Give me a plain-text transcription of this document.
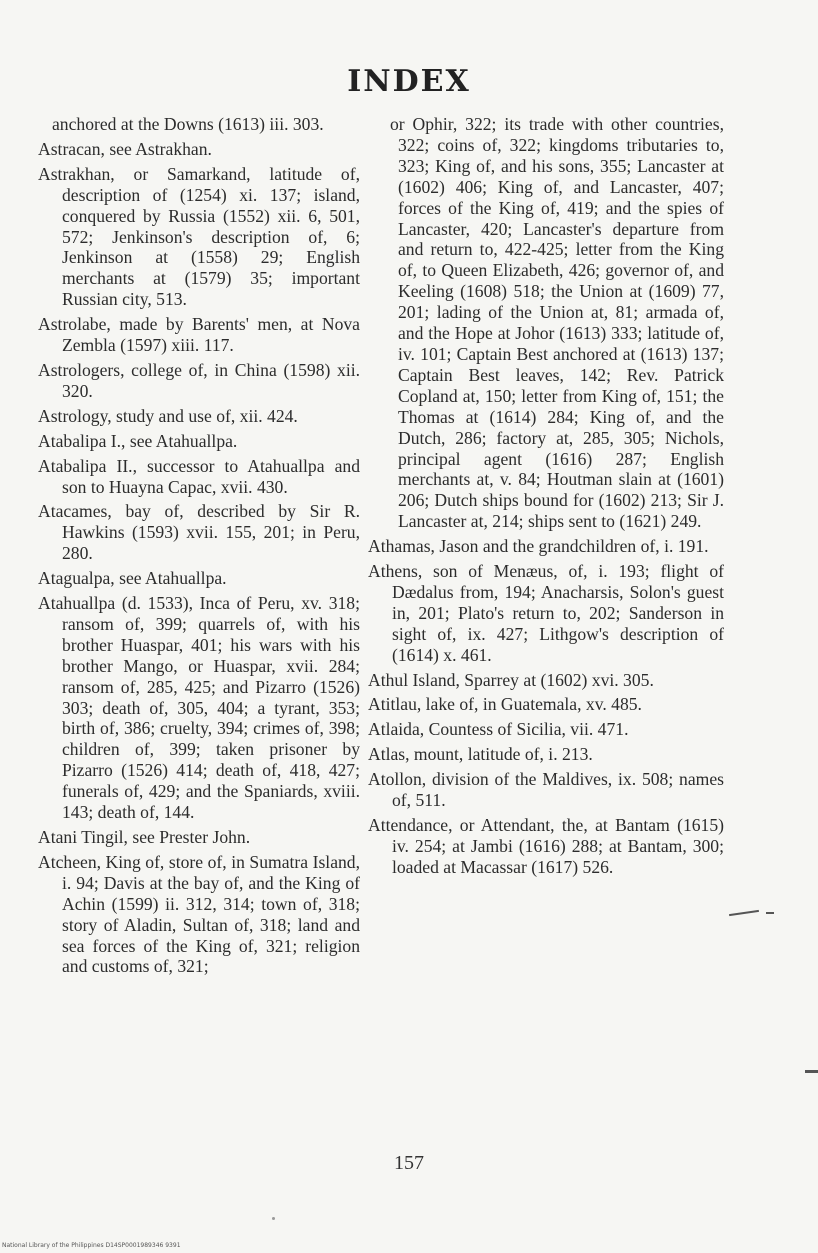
INDEX

anchored at the Downs (1613) iii. 303.

Astracan, see Astrakhan.

Astrakhan, or Samarkand, latitude of, description of (1254) xi. 137; island, conquered by Russia (1552) xii. 6, 501, 572; Jenkinson's description of, 6; Jenkinson at (1558) 29; English merchants at (1579) 35; important Russian city, 513.

Astrolabe, made by Barents' men, at Nova Zembla (1597) xiii. 117.

Astrologers, college of, in China (1598) xii. 320.

Astrology, study and use of, xii. 424.

Atabalipa I., see Atahuallpa.

Atabalipa II., successor to Atahuallpa and son to Huayna Capac, xvii. 430.

Atacames, bay of, described by Sir R. Hawkins (1593) xvii. 155, 201; in Peru, 280.

Atagualpa, see Atahuallpa.

Atahuallpa (d. 1533), Inca of Peru, xv. 318; ransom of, 399; quarrels of, with his brother Huaspar, 401; his wars with his brother Mango, or Huaspar, xvii. 284; ransom of, 285, 425; and Pizarro (1526) 303; death of, 305, 404; a tyrant, 353; birth of, 386; cruelty, 394; crimes of, 398; children of, 399; taken prisoner by Pizarro (1526) 414; death of, 418, 427; funerals of, 429; and the Spaniards, xviii. 143; death of, 144.

Atani Tingil, see Prester John.

Atcheen, King of, store of, in Sumatra Island, i. 94; Davis at the bay of, and the King of Achin (1599) ii. 312, 314; town of, 318; story of Aladin, Sultan of, 318; land and sea forces of the King of, 321; religion and customs of, 321;

or Ophir, 322; its trade with other countries, 322; coins of, 322; kingdoms tributaries to, 323; King of, and his sons, 355; Lancaster at (1602) 406; King of, and Lancaster, 407; forces of the King of, 419; and the spies of Lancaster, 420; Lancaster's departure from and return to, 422-425; letter from the King of, to Queen Elizabeth, 426; governor of, and Keeling (1608) 518; the Union at (1609) 77, 201; lading of the Union at, 81; armada of, and the Hope at Johor (1613) 333; latitude of, iv. 101; Captain Best anchored at (1613) 137; Captain Best leaves, 142; Rev. Patrick Copland at, 150; letter from King of, 151; the Thomas at (1614) 284; King of, and the Dutch, 286; factory at, 285, 305; Nichols, principal agent (1616) 287; English merchants at, v. 84; Houtman slain at (1601) 206; Dutch ships bound for (1602) 213; Sir J. Lancaster at, 214; ships sent to (1621) 249.

Athamas, Jason and the grandchildren of, i. 191.

Athens, son of Menæus, of, i. 193; flight of Dædalus from, 194; Anacharsis, Solon's guest in, 201; Plato's return to, 202; Sanderson in sight of, ix. 427; Lithgow's description of (1614) x. 461.

Athul Island, Sparrey at (1602) xvi. 305.

Atitlau, lake of, in Guatemala, xv. 485.

Atlaida, Countess of Sicilia, vii. 471.

Atlas, mount, latitude of, i. 213.

Atollon, division of the Maldives, ix. 508; names of, 511.

Attendance, or Attendant, the, at Bantam (1615) iv. 254; at Jambi (1616) 288; at Bantam, 300; loaded at Macassar (1617) 526.

157
National Library of the Philippines D14SP0001989346 9391
